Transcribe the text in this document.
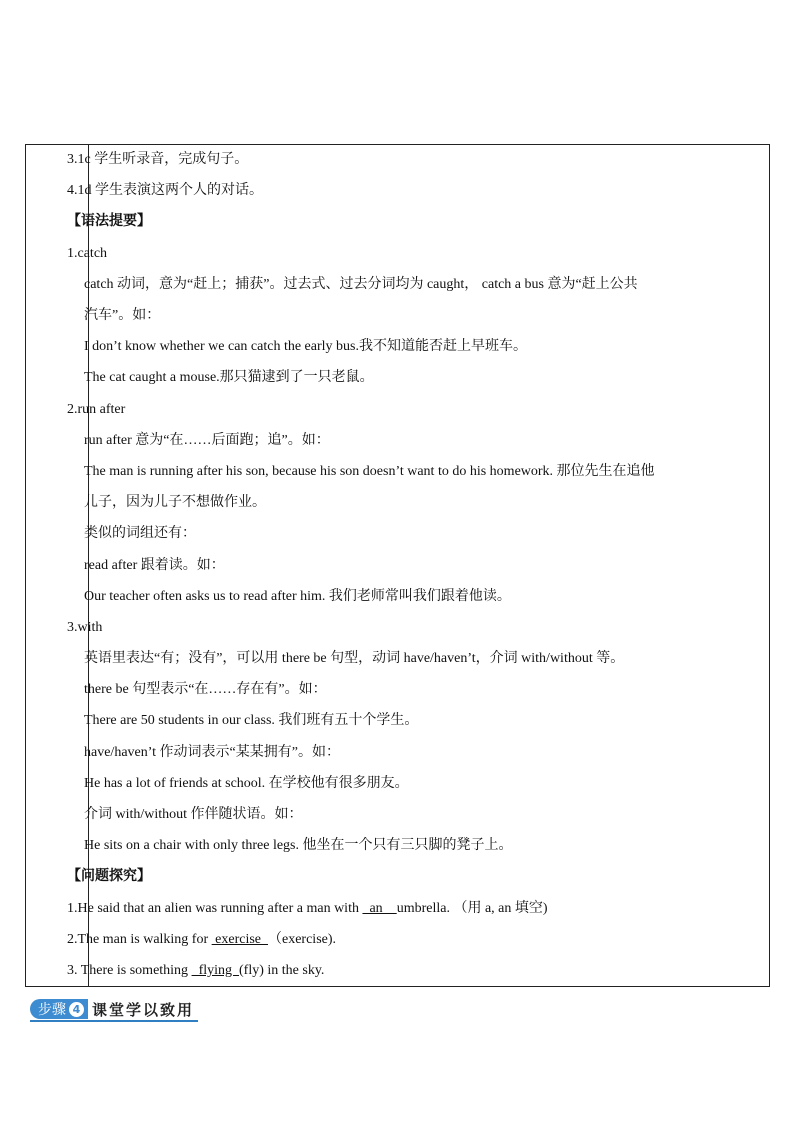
3.1c 学生听录音，完成句子。
4.1d 学生表演这两个人的对话。
【语法提要】
1.catch
catch 动词，意为“赶上；捕获”。过去式、过去分词均为 caught， catch a bus 意为“赶上公共
汽车”。如：
I don’t know whether we can catch the early bus.我不知道能否赶上早班车。
The cat caught a mouse.那只猫逮到了一只老鼠。
2.run after
run after 意为“在……后面跑；追”。如：
The man is running after his son, because his son doesn’t want to do his homework. 那位先生在追他
儿子，因为儿子不想做作业。
类似的词组还有：
read after 跟着读。如：
Our teacher often asks us to read after him. 我们老师常叫我们跟着他读。
3.with
英语里表达“有；没有”，可以用 there be 句型，动词 have/haven’t，介词 with/without 等。
there be 句型表示“在……存在有”。如：
There are 50 students in our class. 我们班有五十个学生。
have/haven’t 作动词表示“某某拥有”。如：
He has a lot of friends at school. 在学校他有很多朋友。
介词 with/without 作伴随状语。如：
He sits on a chair with only three legs. 他坐在一个只有三只脚的凳子上。
【问题探究】
1.He said that an alien was running after a man with   an    umbrella. （用 a, an 填空)
2.The man is walking for  exercise  （exercise).
3. There is something   flying  (fly) in the sky.
步骤 4 课堂学以致用
